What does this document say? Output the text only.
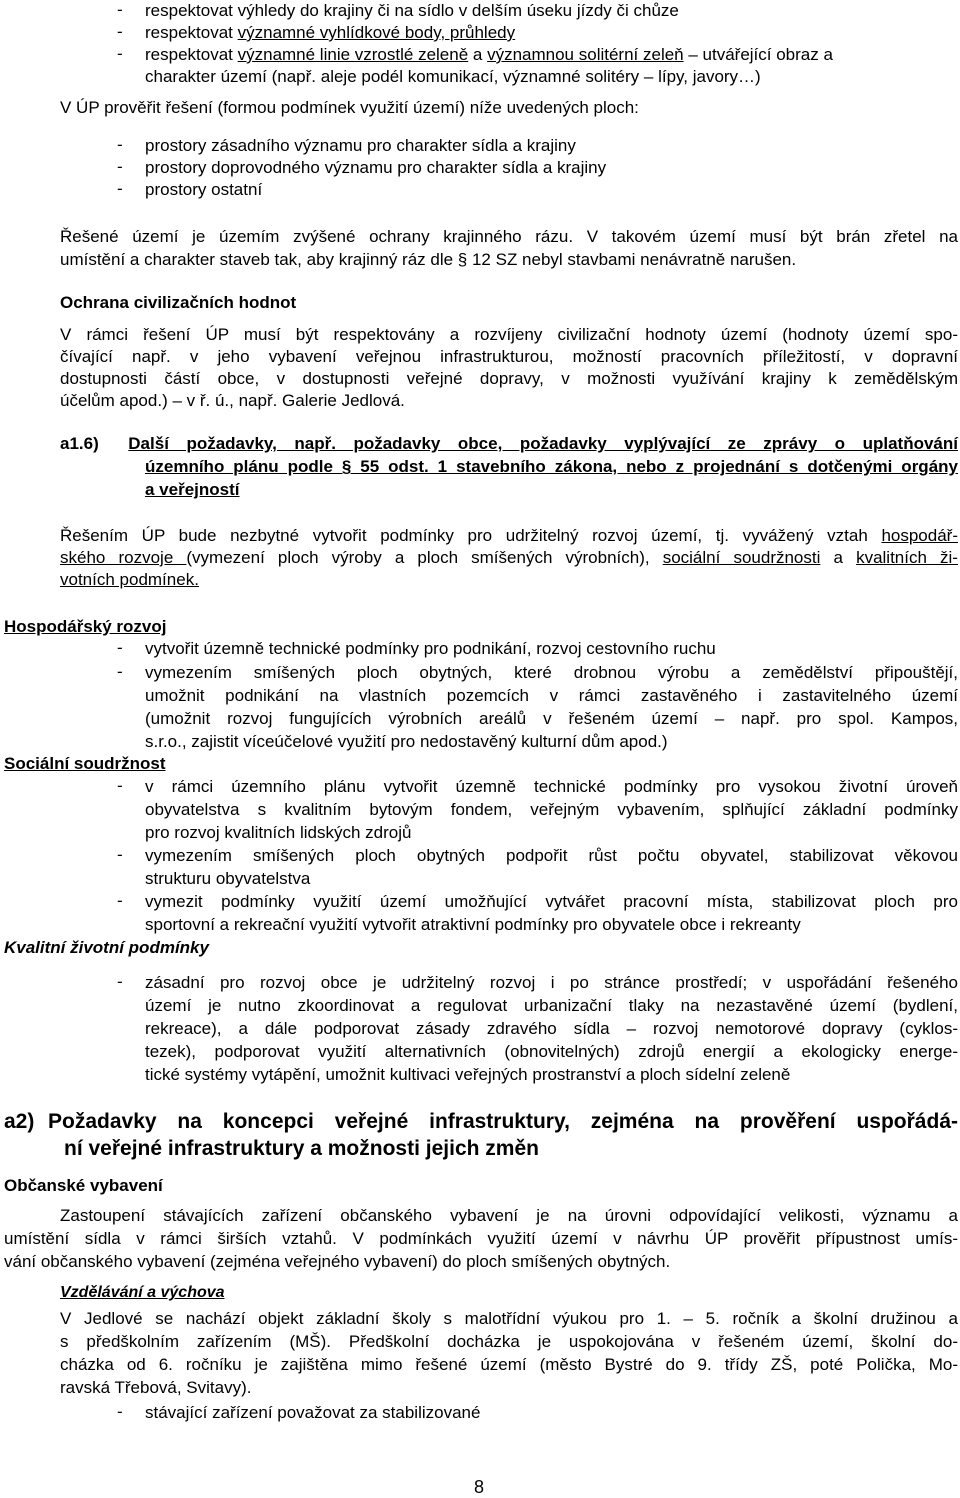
- respektovat výhledy do krajiny či na sídlo v delším úseku jízdy či chůze
- respektovat významné vyhlídkové body, průhledy
- respektovat významné linie vzrostlé zeleně a významnou solitérní zeleň – utvářející obraz a
charakter území (např. aleje podél komunikací, významné solitéry – lípy, javory…)
V ÚP prověřit řešení (formou podmínek využití území) níže uvedených ploch:
- prostory zásadního významu pro charakter sídla a krajiny
- prostory doprovodného významu pro charakter sídla a krajiny
- prostory ostatní
Řešené území je územím zvýšené ochrany krajinného rázu. V takovém území musí být brán zřetel na
umístění a charakter staveb tak, aby krajinný ráz dle § 12 SZ nebyl stavbami nenávratně narušen.
Ochrana civilizačních hodnot
V rámci řešení ÚP musí být respektovány a rozvíjeny civilizační hodnoty území (hodnoty území spo-
čívající např. v jeho vybavení veřejnou infrastrukturou, možností pracovních příležitostí, v dopravní
dostupnosti částí obce, v dostupnosti veřejné dopravy, v možnosti využívání krajiny k zemědělským
účelům apod.) – v ř. ú., např. Galerie Jedlová.
a1.6)	Další požadavky, např. požadavky obce, požadavky vyplývající ze zprávy o uplatňování
územního plánu podle § 55 odst. 1 stavebního zákona, nebo z projednání s dotčenými orgány
a veřejností
Řešením ÚP bude nezbytné vytvořit podmínky pro udržitelný rozvoj území, tj. vyvážený vztah hospodář-
ského rozvoje (vymezení ploch výroby a ploch smíšených výrobních), sociální soudržnosti a kvalitních ži-
votních podmínek.
Hospodářský rozvoj
- vytvořit územně technické podmínky pro podnikání, rozvoj cestovního ruchu
- vymezením smíšených ploch obytných, které drobnou výrobu a zemědělství připouštějí,
umožnit podnikání na vlastních pozemcích v rámci zastavěného i zastavitelného území
(umožnit rozvoj fungujících výrobních areálů v řešeném území – např. pro spol. Kampos,
s.r.o., zajistit víceúčelové využití pro nedostavěný kulturní dům apod.)
Sociální soudržnost
- v rámci územního plánu vytvořit územně technické podmínky pro vysokou životní úroveň
obyvatelstva s kvalitním bytovým fondem, veřejným vybavením, splňující základní podmínky
pro rozvoj kvalitních lidských zdrojů
- vymezením smíšených ploch obytných podpořit růst počtu obyvatel, stabilizovat věkovou
strukturu obyvatelstva
- vymezit podmínky využití území umožňující vytvářet pracovní místa, stabilizovat ploch pro
sportovní a rekreační využití vytvořit atraktivní podmínky pro obyvatele obce i rekreanty
Kvalitní životní podmínky
- zásadní pro rozvoj obce je udržitelný rozvoj i po stránce prostředí; v uspořádání řešeného
území je nutno zkoordinovat a regulovat urbanizační tlaky na nezastavěné území (bydlení,
rekreace), a dále podporovat zásady zdravého sídla – rozvoj nemotorové dopravy (cyklos-
tezek), podporovat využití alternativních (obnovitelných) zdrojů energií a ekologicky energe-
tické systémy vytápění, umožnit kultivaci veřejných prostranství a ploch sídelní zeleně
a2) Požadavky na koncepci veřejné infrastruktury, zejména na prověření uspořádá-
ní veřejné infrastruktury a možnosti jejich změn
Občanské vybavení
Zastoupení stávajících zařízení občanského vybavení je na úrovni odpovídající velikosti, významu a
umístění sídla v rámci širších vztahů. V podmínkách využití území v návrhu ÚP prověřit přípustnost umís-
vání občanského vybavení (zejména veřejného vybavení) do ploch smíšených obytných.
Vzdělávání a výchova
V Jedlové se nachází objekt základní školy s malotřídní výukou pro 1. – 5. ročník a školní družinou a
s předškolním zařízením (MŠ). Předškolní docházka je uspokojována v řešeném území, školní do-
cházka od 6. ročníku je zajištěna mimo řešené území (město Bystré do 9. třídy ZŠ, poté Polička, Mo-
ravská Třebová, Svitavy).
- stávající zařízení považovat za stabilizované
8
